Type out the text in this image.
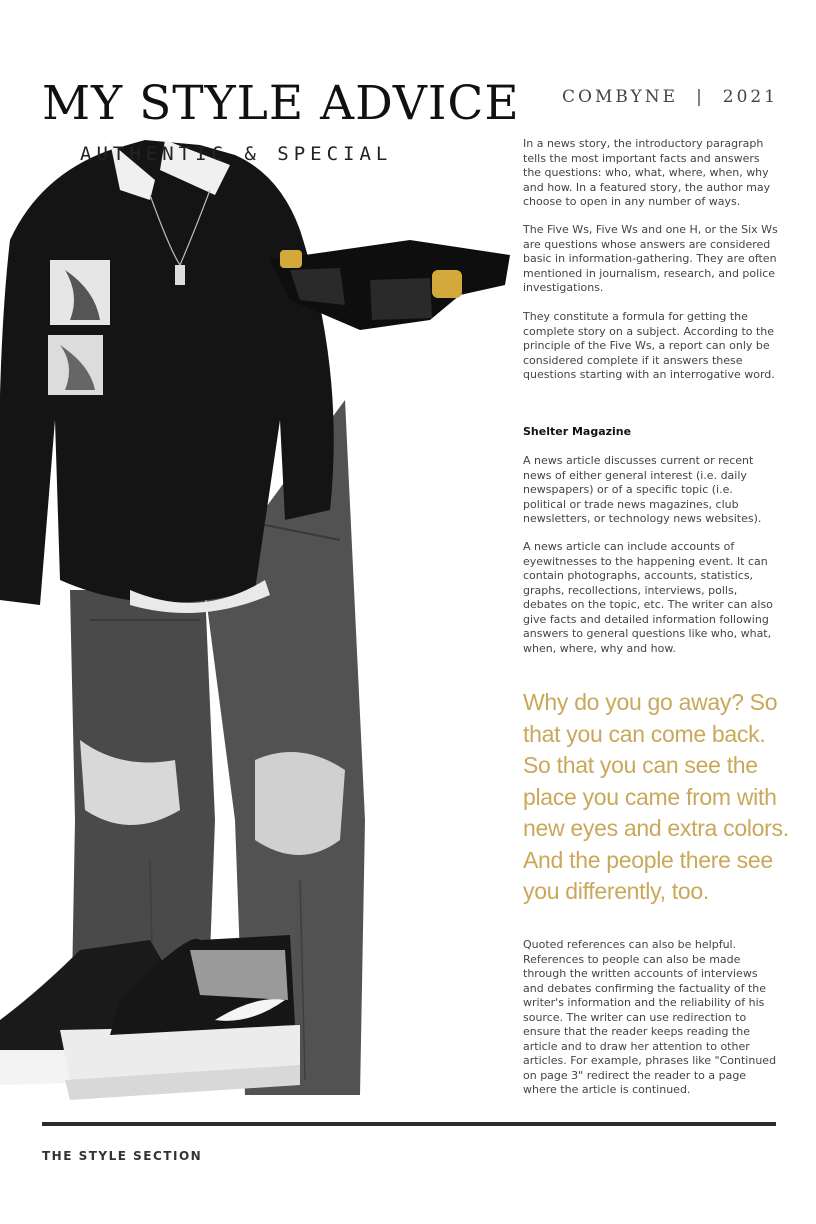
MY STYLE ADVICE
AUTHENTIC & SPECIAL
COMBYNE | 2021
In a news story, the introductory paragraph tells the most important facts and answers the questions: who, what, where, when, why and how. In a featured story, the author may choose to open in any number of ways.
The Five Ws, Five Ws and one H, or the Six Ws are questions whose answers are considered basic in information-gathering. They are often mentioned in journalism, research, and police investigations.
They constitute a formula for getting the complete story on a subject. According to the principle of the Five Ws, a report can only be considered complete if it answers these questions starting with an interrogative word.
Shelter Magazine
A news article discusses current or recent news of either general interest (i.e. daily newspapers) or of a specific topic (i.e. political or trade news magazines, club newsletters, or technology news websites).
A news article can include accounts of eyewitnesses to the happening event. It can contain photographs, accounts, statistics, graphs, recollections, interviews, polls, debates on the topic, etc. The writer can also give facts and detailed information following answers to general questions like who, what, when, where, why and how.
Why do you go away? So that you can come back. So that you can see the place you came from with new eyes and extra colors. And the people there see you differently, too.
Quoted references can also be helpful. References to people can also be made through the written accounts of interviews and debates confirming the factuality of the writer's information and the reliability of his source. The writer can use redirection to ensure that the reader keeps reading the article and to draw her attention to other articles. For example, phrases like "Continued on page 3" redirect the reader to a page where the article is continued.
THE STYLE SECTION
